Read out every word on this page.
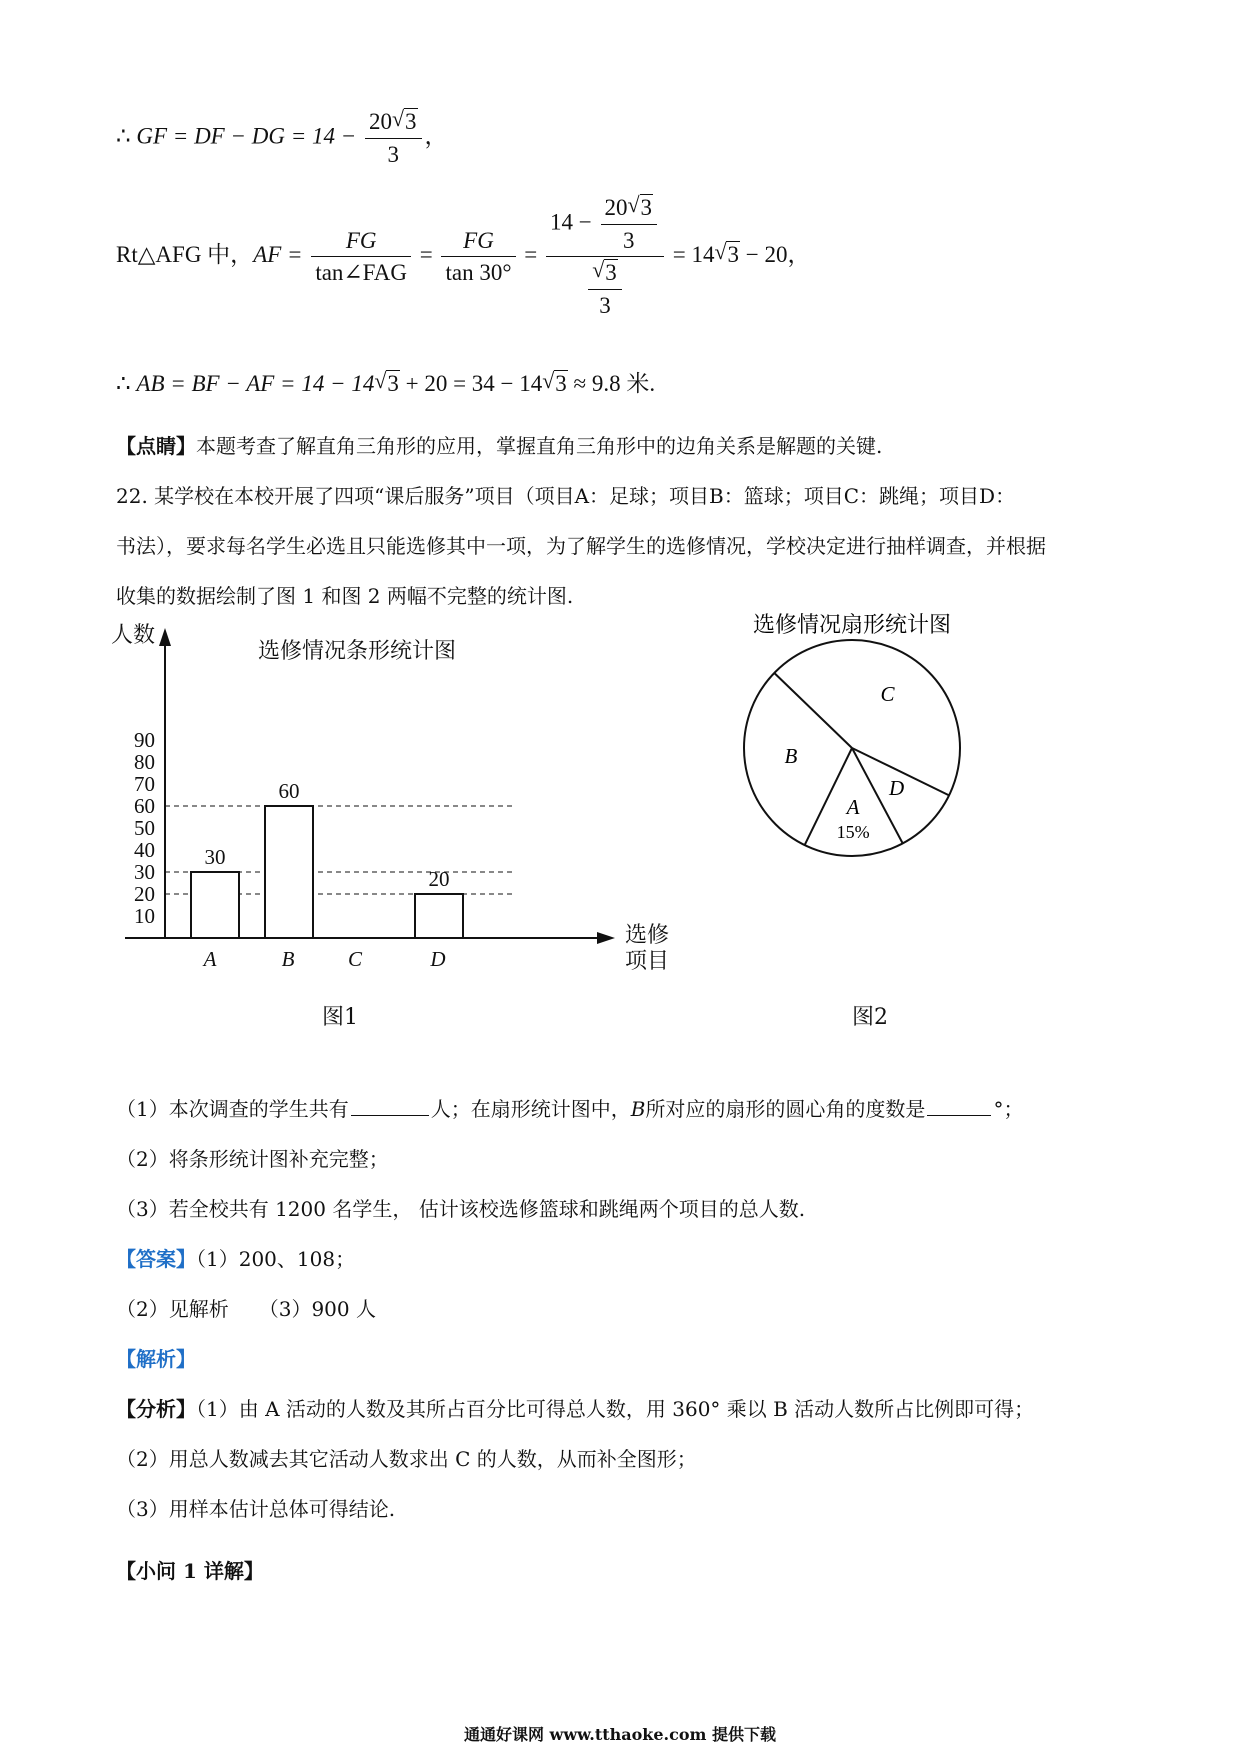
∴ GF = DF − DG = $14 - \frac{20√ 3}{3}$ ，
Rt△AFG 中，AF = $\frac{FG}{\text{tan∠FAG}} = \frac{FG}{\tan 30^\circ} = 14 - \frac{20√ 3}{3}$
√ $\frac{3}{3} = 14√$ 3 − 20，
∴ AB = BF − AF = 14 − 14√ 3 + 20 = 34 − 14√ 3 ≈ 9.8 米.
【点睛】本题考查了解直角三角形的应用，掌握直角三角形中的边角关系是解题的关键.
22. 某学校在本校开展了四项“课后服务”项目（项目A：足球；项目B：篮球；项目C：跳绳；项目D：
书法），要求每名学生必选且只能选修其中一项，为了解学生的选修情况，学校决定进行抽样调查，并根据
收集的数据绘制了图 1 和图 2 两幅不完整的统计图.
人数
选修情况条形统计图
选修
项目
10
20
30
40
50
60
70
80
90
30
A
60
B	C
20
D
图1
选修情况扇形统计图
A
15%
D
C
B
图2
（1）本次调查的学生共有	人；在扇形统计图中，B所对应的扇形的圆心角的度数是	°；
（2）将条形统计图补充完整；
（3）若全校共有 1200 名学生， 估计该校选修篮球和跳绳两个项目的总人数.
【答案】（1）200、108；
（2）见解析　　（3）900 人
【解析】
【分析】（1）由 A 活动的人数及其所占百分比可得总人数，用 360° 乘以 B 活动人数所占比例即可得；
（2）用总人数减去其它活动人数求出 C 的人数，从而补全图形；
（3）用样本估计总体可得结论.
【小问 1 详解】
通通好课网 www.tthaoke.com 提供下载
